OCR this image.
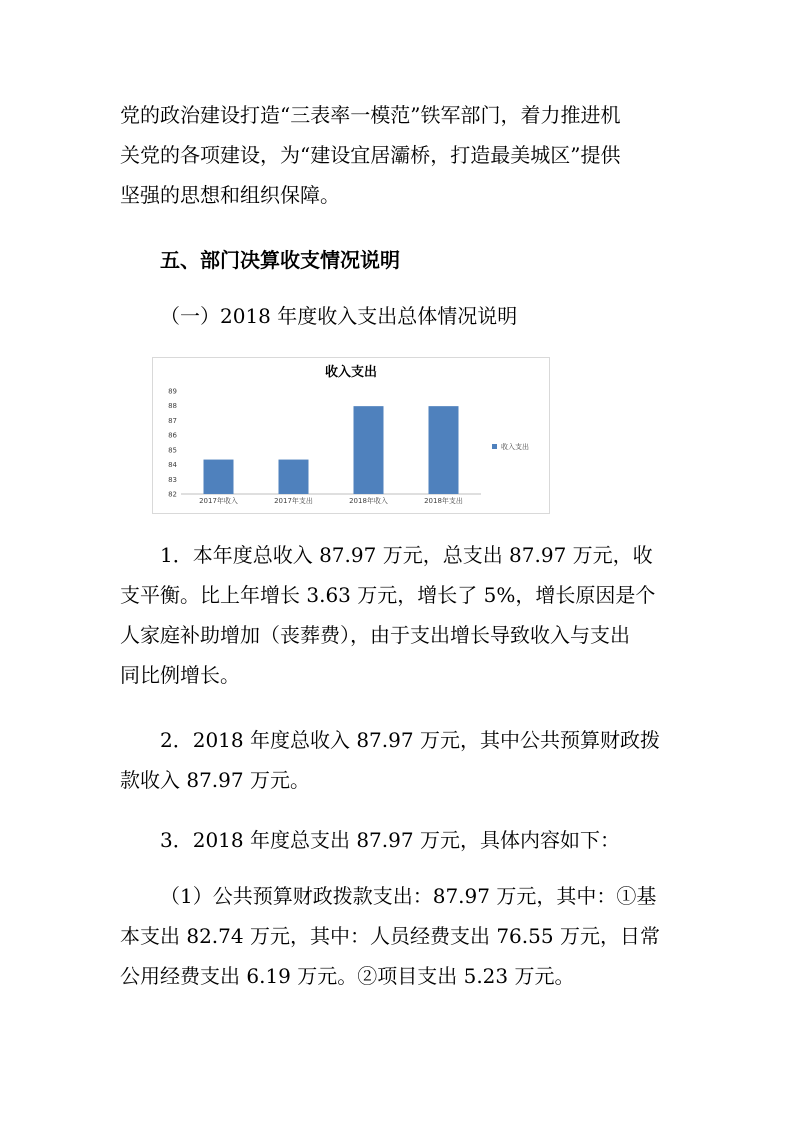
党的政治建设打造“三表率一模范”铁军部门，着力推进机
关党的各项建设，为“建设宜居灞桥，打造最美城区”提供
坚强的思想和组织保障。

五、部门决算收支情况说明

（一）2018 年度收入支出总体情况说明

收入支出
82
83
84
85
86
87
88
89
2017年收入	2017年支出	2018年收入	2018年支出
收入支出

1．本年度总收入 87.97 万元，总支出 87.97 万元，收
支平衡。比上年增长 3.63 万元，增长了 5%，增长原因是个
人家庭补助增加（丧葬费），由于支出增长导致收入与支出
同比例增长。

2．2018 年度总收入 87.97 万元，其中公共预算财政拨
款收入 87.97 万元。

3．2018 年度总支出 87.97 万元，具体内容如下：

（1）公共预算财政拨款支出：87.97 万元，其中：①基
本支出 82.74 万元，其中：人员经费支出 76.55 万元，日常
公用经费支出 6.19 万元。②项目支出 5.23 万元。
